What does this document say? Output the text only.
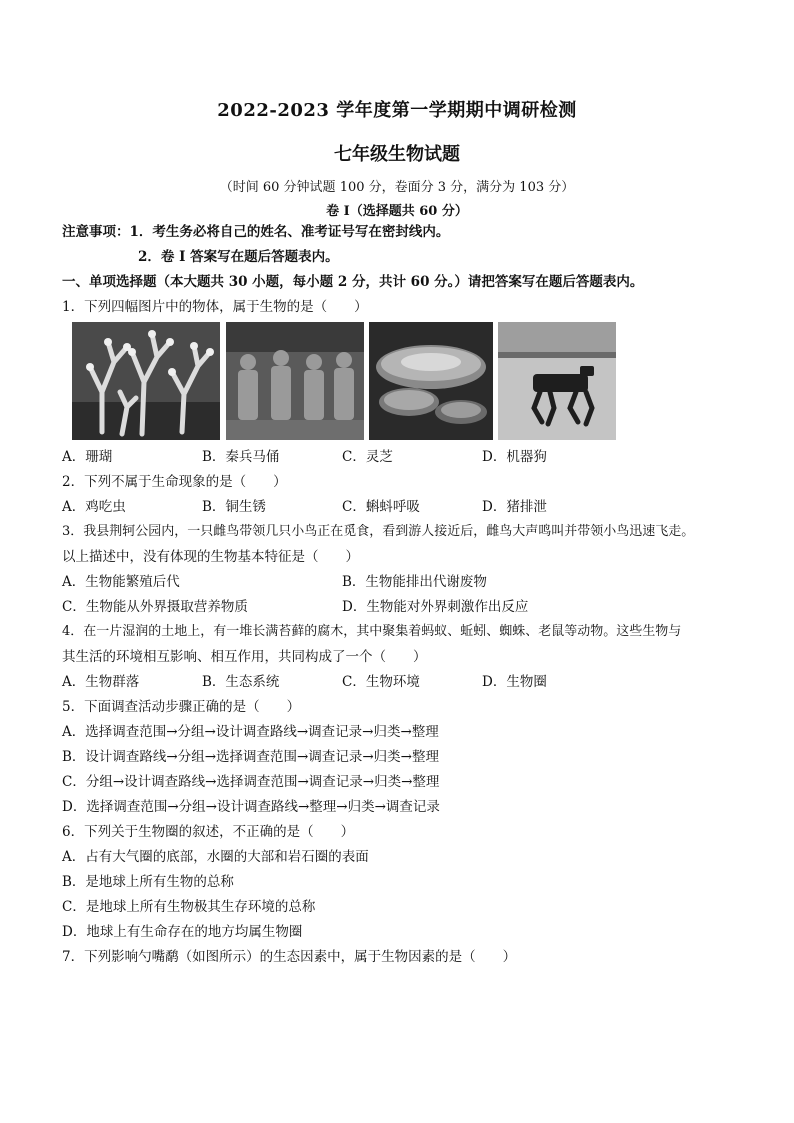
2022-2023 学年度第一学期期中调研检测
七年级生物试题
（时间 60 分钟试题 100 分，卷面分 3 分，满分为 103 分）
卷 I（选择题共 60 分）
注意事项：1．考生务必将自己的姓名、准考证号写在密封线内。
2．卷 I 答案写在题后答题表内。
一、单项选择题（本大题共 30 小题，每小题 2 分，共计 60 分。）请把答案写在题后答题表内。
1．下列四幅图片中的物体，属于生物的是（　　）
A．珊瑚	B．秦兵马俑	C．灵芝	D．机器狗
2．下列不属于生命现象的是（　　）
A．鸡吃虫	B．铜生锈	C．蝌蚪呼吸	D．猪排泄
3．我县荆轲公园内，一只雌鸟带领几只小鸟正在觅食，看到游人接近后，雌鸟大声鸣叫并带领小鸟迅速飞走。
以上描述中，没有体现的生物基本特征是（　　）
A．生物能繁殖后代	B．生物能排出代谢废物
C．生物能从外界摄取营养物质	D．生物能对外界刺激作出反应
4．在一片湿润的土地上，有一堆长满苔藓的腐木，其中聚集着蚂蚁、蚯蚓、蜘蛛、老鼠等动物。这些生物与
其生活的环境相互影响、相互作用，共同构成了一个（　　）
A．生物群落	B．生态系统	C．生物环境	D．生物圈
5．下面调查活动步骤正确的是（　　）
A．选择调查范围→分组→设计调查路线→调查记录→归类→整理
B．设计调查路线→分组→选择调查范围→调查记录→归类→整理
C．分组→设计调查路线→选择调查范围→调查记录→归类→整理
D．选择调查范围→分组→设计调查路线→整理→归类→调查记录
6．下列关于生物圈的叙述，不正确的是（　　）
A．占有大气圈的底部，水圈的大部和岩石圈的表面
B．是地球上所有生物的总称
C．是地球上所有生物极其生存环境的总称
D．地球上有生命存在的地方均属生物圈
7．下列影响勺嘴鹬（如图所示）的生态因素中，属于生物因素的是（　　）
